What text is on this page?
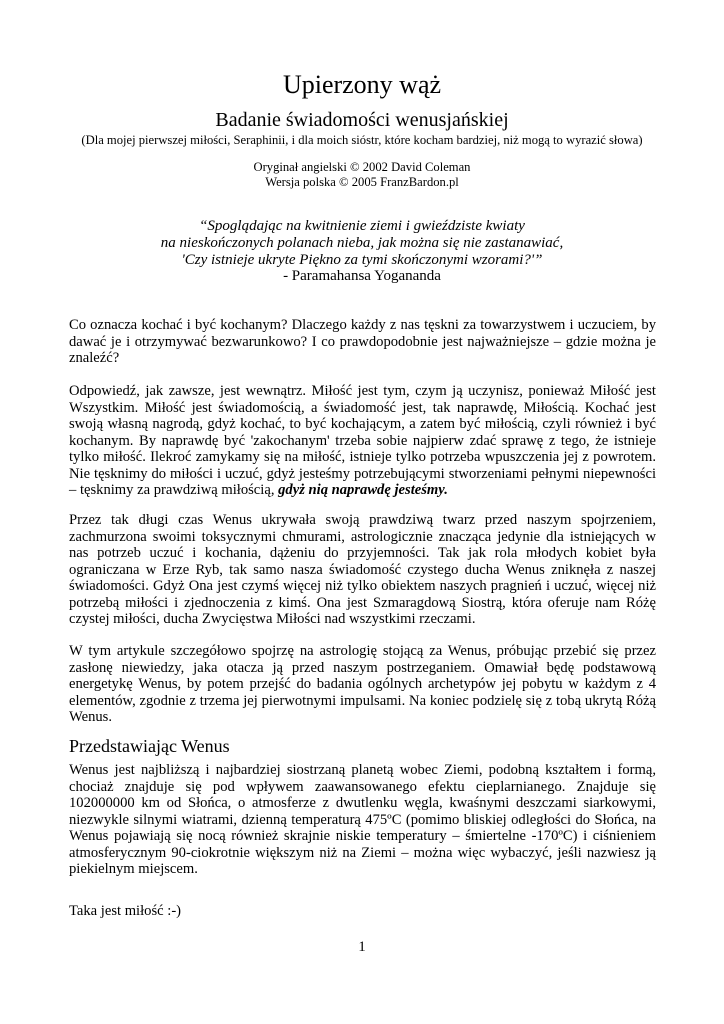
Upierzony wąż
Badanie świadomości wenusjańskiej
(Dla mojej pierwszej miłości, Seraphinii, i dla moich sióstr, które kocham bardziej, niż mogą to wyrazić słowa)
Oryginał angielski © 2002 David Coleman
Wersja polska © 2005 FranzBardon.pl
“Spoglądając na kwitnienie ziemi i gwieździste kwiaty
na nieskończonych polanach nieba, jak można się nie zastanawiać,
'Czy istnieje ukryte Piękno za tymi skończonymi wzorami?'”
- Paramahansa Yogananda
Co oznacza kochać i być kochanym? Dlaczego każdy z nas tęskni za towarzystwem i uczuciem, by
dawać je i otrzymywać bezwarunkowo? I co prawdopodobnie jest najważniejsze – gdzie można je
znaleźć?
Odpowiedź, jak zawsze, jest wewnątrz. Miłość jest tym, czym ją uczynisz, ponieważ Miłość jest
Wszystkim. Miłość jest świadomością, a świadomość jest, tak naprawdę, Miłością. Kochać jest
swoją własną nagrodą, gdyż kochać, to być kochającym, a zatem być miłością, czyli również i być
kochanym. By naprawdę być 'zakochanym' trzeba sobie najpierw zdać sprawę z tego, że istnieje
tylko miłość. Ilekroć zamykamy się na miłość, istnieje tylko potrzeba wpuszczenia jej z powrotem.
Nie tęsknimy do miłości i uczuć, gdyż jesteśmy potrzebującymi stworzeniami pełnymi niepewności
– tęsknimy za prawdziwą miłością, gdyż nią naprawdę jesteśmy.
Przez tak długi czas Wenus ukrywała swoją prawdziwą twarz przed naszym spojrzeniem,
zachmurzona swoimi toksycznymi chmurami, astrologicznie znacząca jedynie dla istniejących w
nas potrzeb uczuć i kochania, dążeniu do przyjemności. Tak jak rola młodych kobiet była
ograniczana w Erze Ryb, tak samo nasza świadomość czystego ducha Wenus zniknęła z naszej
świadomości. Gdyż Ona jest czymś więcej niż tylko obiektem naszych pragnień i uczuć, więcej niż
potrzebą miłości i zjednoczenia z kimś. Ona jest Szmaragdową Siostrą, która oferuje nam Różę
czystej miłości, ducha Zwycięstwa Miłości nad wszystkimi rzeczami.
W tym artykule szczegółowo spojrzę na astrologię stojącą za Wenus, próbując przebić się przez
zasłonę niewiedzy, jaka otacza ją przed naszym postrzeganiem. Omawiał będę podstawową
energetykę Wenus, by potem przejść do badania ogólnych archetypów jej pobytu w każdym z 4
elementów, zgodnie z trzema jej pierwotnymi impulsami. Na koniec podzielę się z tobą ukrytą Różą
Wenus.
Przedstawiając Wenus
Wenus jest najbliższą i najbardziej siostrzaną planetą wobec Ziemi, podobną kształtem i formą,
chociaż znajduje się pod wpływem zaawansowanego efektu cieplarnianego. Znajduje się
102000000 km od Słońca, o atmosferze z dwutlenku węgla, kwaśnymi deszczami siarkowymi,
niezwykle silnymi wiatrami, dzienną temperaturą 475ºC (pomimo bliskiej odległości do Słońca, na
Wenus pojawiają się nocą również skrajnie niskie temperatury – śmiertelne -170ºC) i ciśnieniem
atmosferycznym 90-ciokrotnie większym niż na Ziemi – można więc wybaczyć, jeśli nazwiesz ją
piekielnym miejscem.
Taka jest miłość :-)
1
